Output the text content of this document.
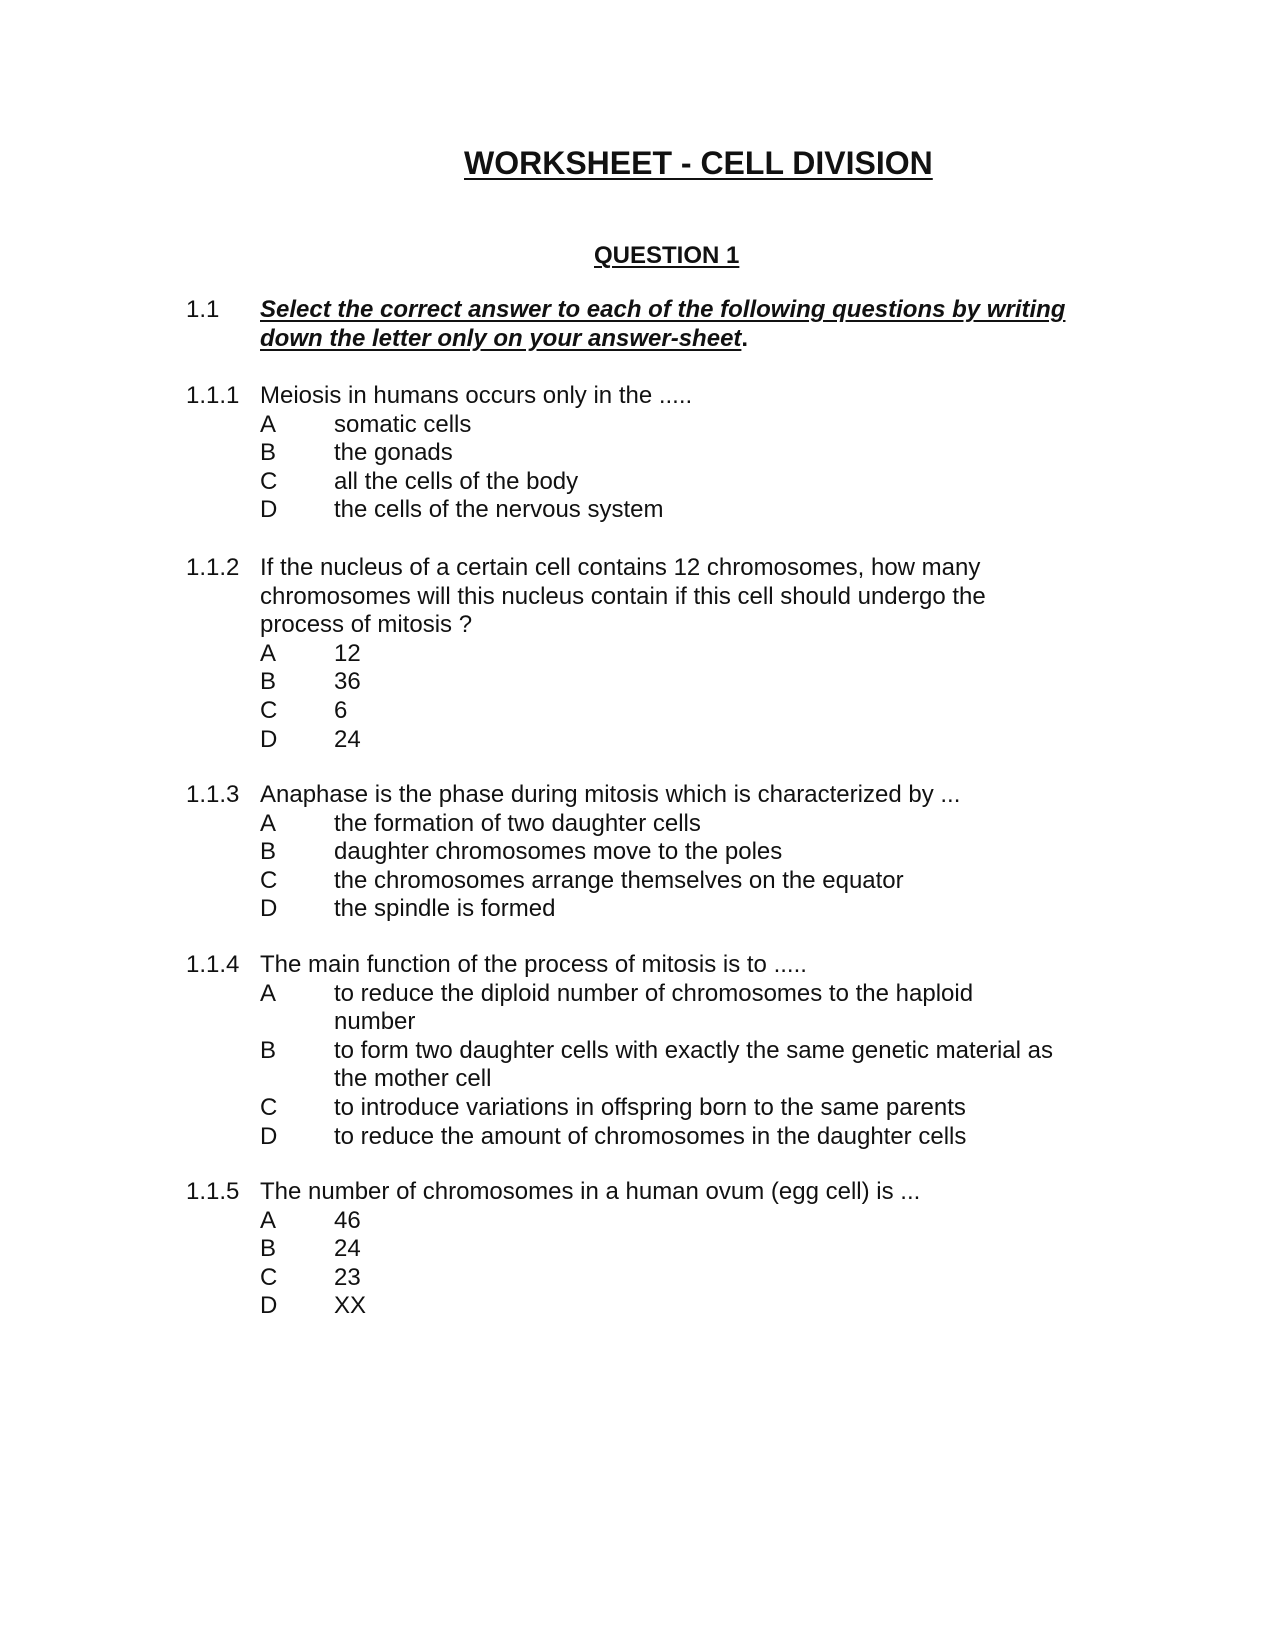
WORKSHEET - CELL DIVISION
QUESTION 1
1.1	Select the correct answer to each of the following questions by writing down the letter only on your answer-sheet.
1.1.1 Meiosis in humans occurs only in the .....
A	somatic cells
B	the gonads
C	all the cells of the body
D	the cells of the nervous system
1.1.2 If the nucleus of a certain cell contains 12 chromosomes, how many chromosomes will this nucleus contain if this cell should undergo the process of mitosis ?
A	12
B	36
C	6
D	24
1.1.3 Anaphase is the phase during mitosis which is characterized by ...
A	the formation of two daughter cells
B	daughter chromosomes move to the poles
C	the chromosomes arrange themselves on the equator
D	the spindle is formed
1.1.4 The main function of the process of mitosis is to .....
A	to reduce the diploid number of chromosomes to the haploid number
B	to form two daughter cells with exactly the same genetic material as the mother cell
C	to introduce variations in offspring born to the same parents
D	to reduce the amount of chromosomes in the daughter cells
1.1.5 The number of chromosomes in a human ovum (egg cell) is ...
A	46
B	24
C	23
D	XX
